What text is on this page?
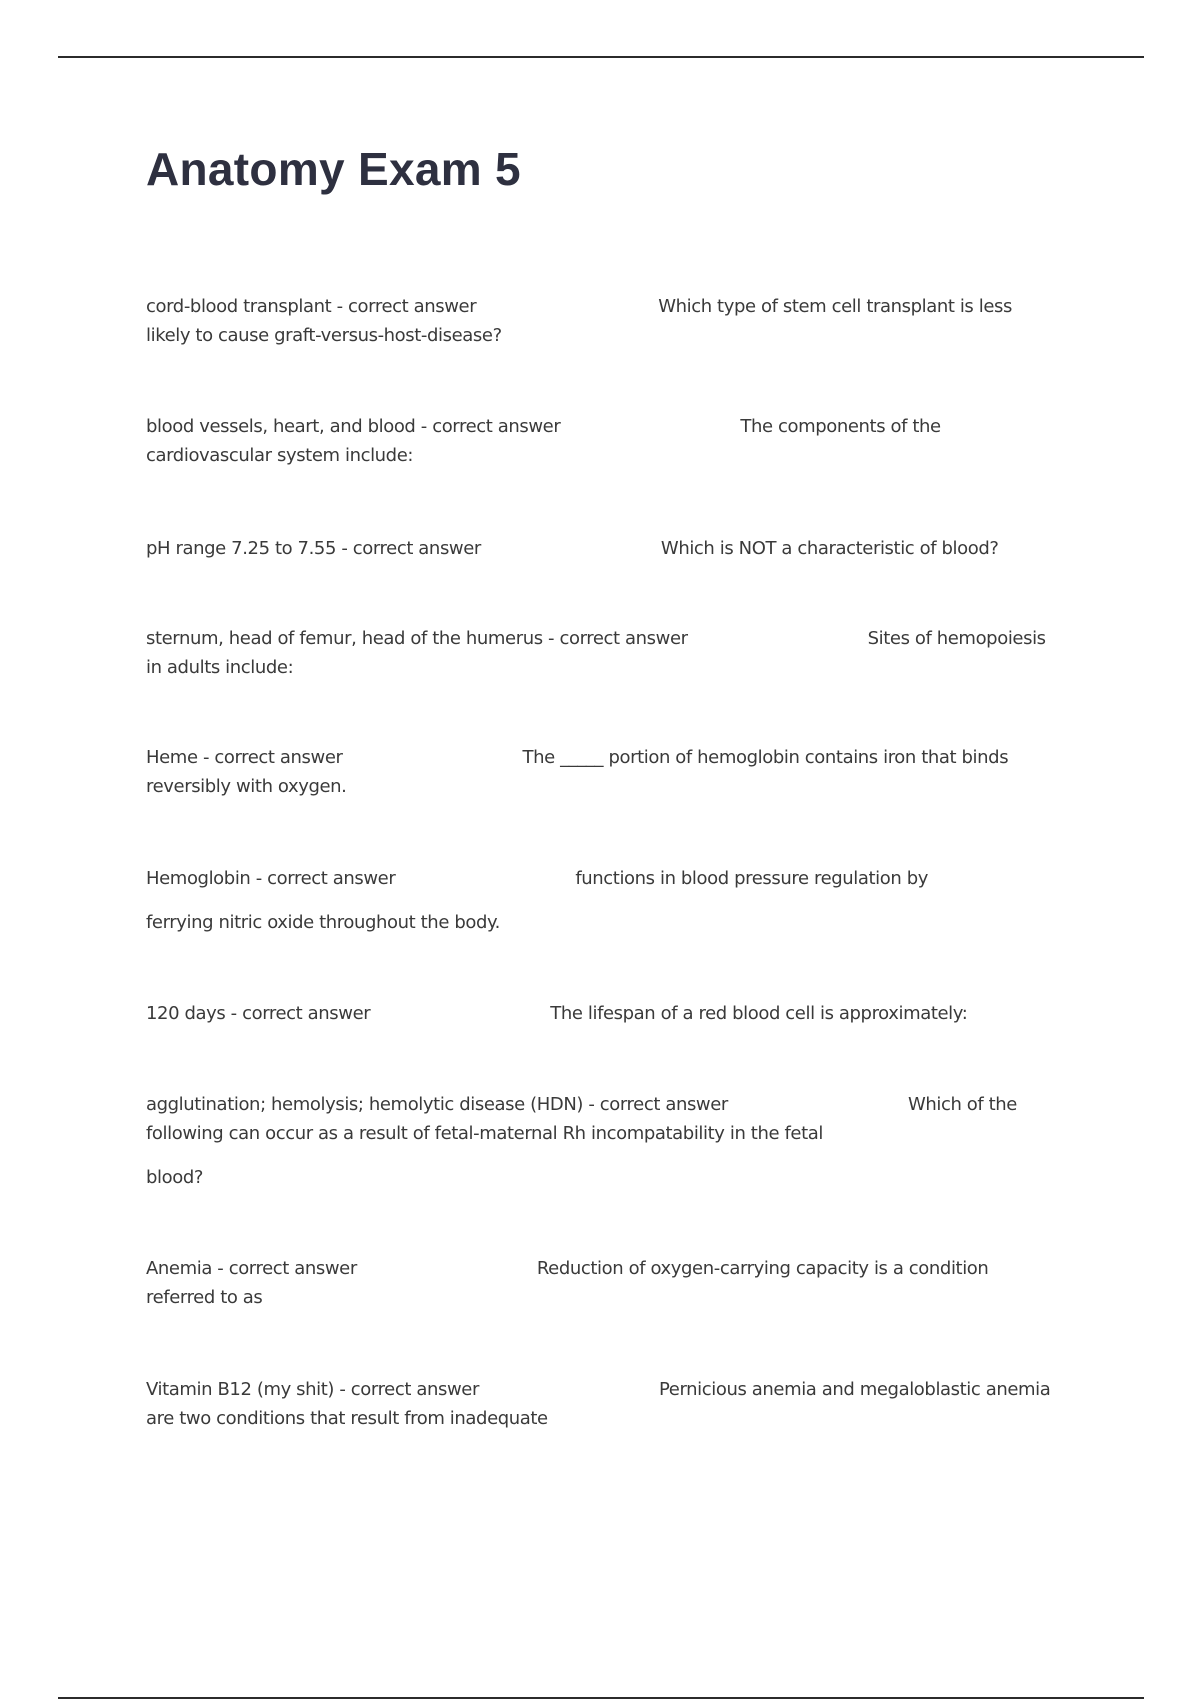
Anatomy Exam 5

cord-blood transplant - correct answer	Which type of stem cell transplant is less
likely to cause graft-versus-host-disease?

blood vessels, heart, and blood - correct answer	The components of the
cardiovascular system include:

pH range 7.25 to 7.55 - correct answer	Which is NOT a characteristic of blood?

sternum, head of femur, head of the humerus - correct answer	Sites of hemopoiesis
in adults include:

Heme - correct answer	The _____ portion of hemoglobin contains iron that binds
reversibly with oxygen.

Hemoglobin - correct answer	functions in blood pressure regulation by
ferrying nitric oxide throughout the body.

120 days - correct answer	The lifespan of a red blood cell is approximately:

agglutination; hemolysis; hemolytic disease (HDN) - correct answer	Which of the
following can occur as a result of fetal-maternal Rh incompatability in the fetal
blood?

Anemia - correct answer	Reduction of oxygen-carrying capacity is a condition
referred to as

Vitamin B12 (my shit) - correct answer	Pernicious anemia and megaloblastic anemia
are two conditions that result from inadequate
